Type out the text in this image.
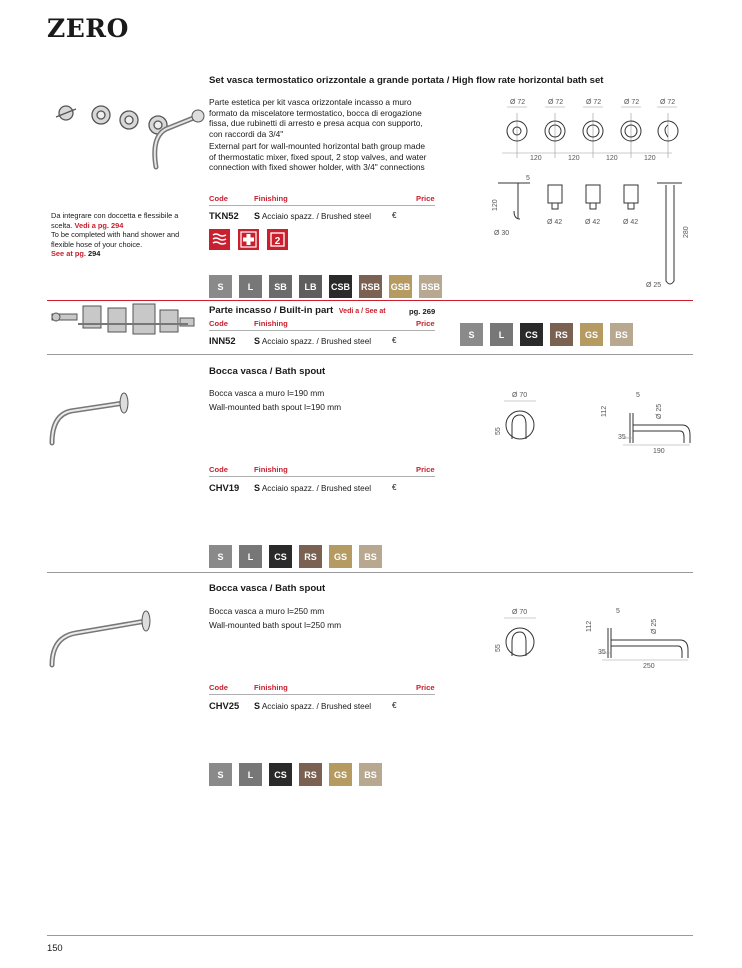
ZERO
Set vasca termostatico orizzontale a grande portata / High flow rate horizontal bath set
Parte estetica per kit vasca orizzontale incasso a muro formato da miscelatore termostatico, bocca di erogazione fissa, due rubinetti di arresto e presa acqua con supporto, con raccordi da 3/4"
External part for wall-mounted horizontal bath group made of thermostatic mixer, fixed spout, 2 stop valves, and water connection with fixed shower holder, with 3/4" connections
Da integrare con doccetta e flessibile a scelta. Vedi a pg. 294
To be completed with hand shower and flexible hose of your choice.
See at pg. 294
Code	Finishing	Price
TKN52 S Acciaio spazz. / Brushed steel	€
2
S	L	SB	LB	CSB RSB GSB BSB
Ø 72	Ø 72	Ø 72	Ø 72	Ø 72
120	120	120	120
5
Ø 30
Ø 42	Ø 42	Ø 42
Ø 25
120
280
Parte incasso / Built-in part Vedi a / See at	pg. 269
Code	Finishing	Price
INN52 S Acciaio spazz. / Brushed steel	€
S	L	CS	RS	GS	BS
Bocca vasca / Bath spout
Bocca vasca a muro l=190 mm
Wall-mounted bath spout l=190 mm
Code	Finishing	Price
CHV19 S Acciaio spazz. / Brushed steel	€
S	L	CS	RS	GS	BS
Ø 70
55
5
112	Ø 25
35
190
Bocca vasca / Bath spout
Bocca vasca a muro l=250 mm
Wall-mounted bath spout l=250 mm
Code	Finishing	Price
CHV25 S Acciaio spazz. / Brushed steel	€
S	L	CS	RS	GS	BS
Ø 70
55
5
112	Ø 25
35
250
150
